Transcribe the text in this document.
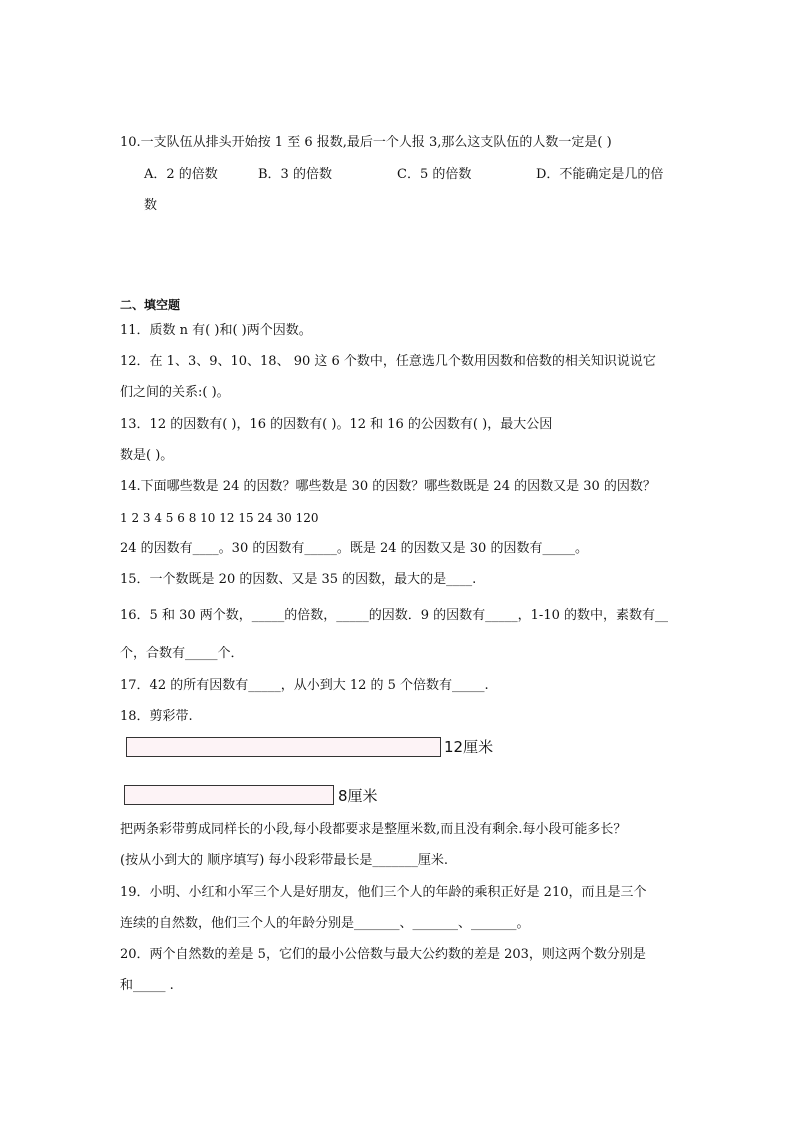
10.一支队伍从排头开始按 1 至 6 报数,最后一个人报 3,那么这支队伍的人数一定是( )
A．2 的倍数	B．3 的倍数	C．5 的倍数	D．不能确定是几的倍
数
二、填空题
11．质数 n 有( )和( )两个因数。
12．在 1、3、9、10、18、 90 这 6 个数中，任意选几个数用因数和倍数的相关知识说说它
们之间的关系:( )。
13．12 的因数有( )，16 的因数有( )。12 和 16 的公因数有( )，最大公因
数是( )。
14.下面哪些数是 24 的因数？哪些数是 30 的因数？哪些数既是 24 的因数又是 30 的因数？
1 2 3 4 5 6 8 10 12 15 24 30 120
24 的因数有____。30 的因数有_____。既是 24 的因数又是 30 的因数有_____。
15．一个数既是 20 的因数、又是 35 的因数，最大的是____.
16．5 和 30 两个数，_____的倍数，_____的因数．9 的因数有_____，1-10 的数中，素数有__
个，合数有_____个．
17．42 的所有因数有_____，从小到大 12 的 5 个倍数有_____.
18．剪彩带.
12厘米
8厘米
把两条彩带剪成同样长的小段,每小段都要求是整厘米数,而且没有剩余.每小段可能多长？
(按从小到大的 顺序填写) 每小段彩带最长是_______厘米.
19．小明、小红和小军三个人是好朋友，他们三个人的年龄的乘积正好是 210，而且是三个
连续的自然数，他们三个人的年龄分别是_______、_______、_______。
20．两个自然数的差是 5，它们的最小公倍数与最大公约数的差是 203，则这两个数分别是
和_____ .
